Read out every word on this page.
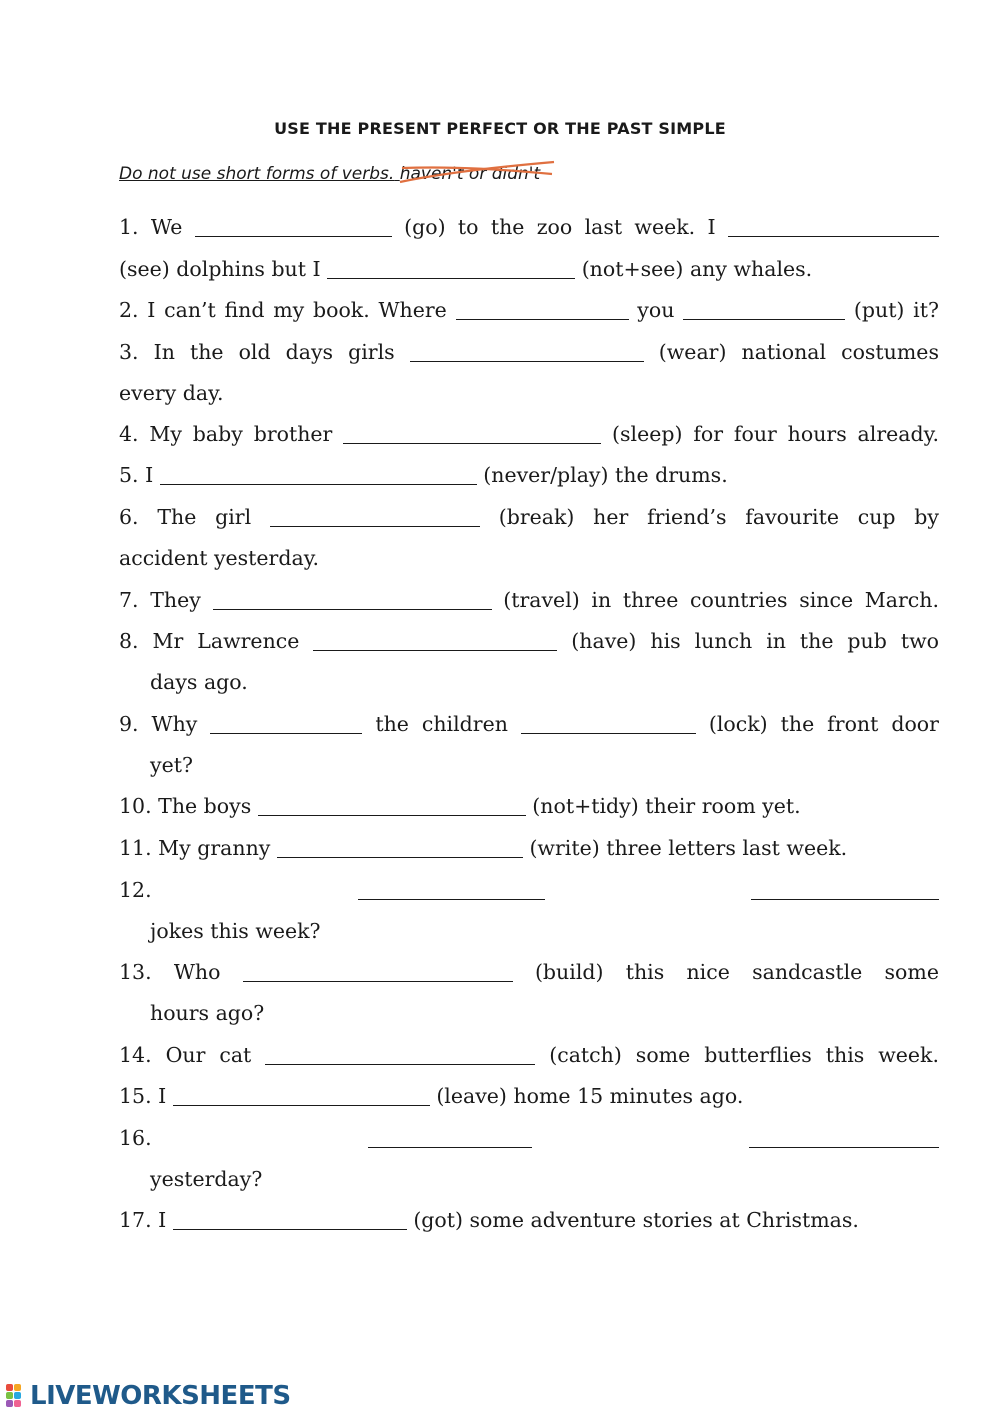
USE THE PRESENT PERFECT OR THE PAST SIMPLE
Do not use short forms of verbs. haven't or didn't
1. We	(go) to the zoo last week. I
(see) dolphins but I	(not+see) any whales.
2. I can’t find my book. Where	you	(put) it?
3. In the old days girls	(wear) national costumes
every day.
4. My baby brother	(sleep) for four hours already.
5. I	(never/play) the drums.
6. The girl	(break) her friend’s favourite cup by
accident yesterday.
7. They	(travel) in three countries since March.
8. Mr Lawrence	(have) his lunch in the pub two
days ago.
9. Why	the children	(lock) the front door
yet?
10. The boys	(not+tidy) their room yet.
11. My granny	(write) three letters last week.
12.
jokes this week?
13. Who	(build) this nice sandcastle some
hours ago?
14. Our cat	(catch) some butterflies this week.
15. I	(leave) home 15 minutes ago.
16.
yesterday?
17. I	(got) some adventure stories at Christmas.
LIVEWORKSHEETS
